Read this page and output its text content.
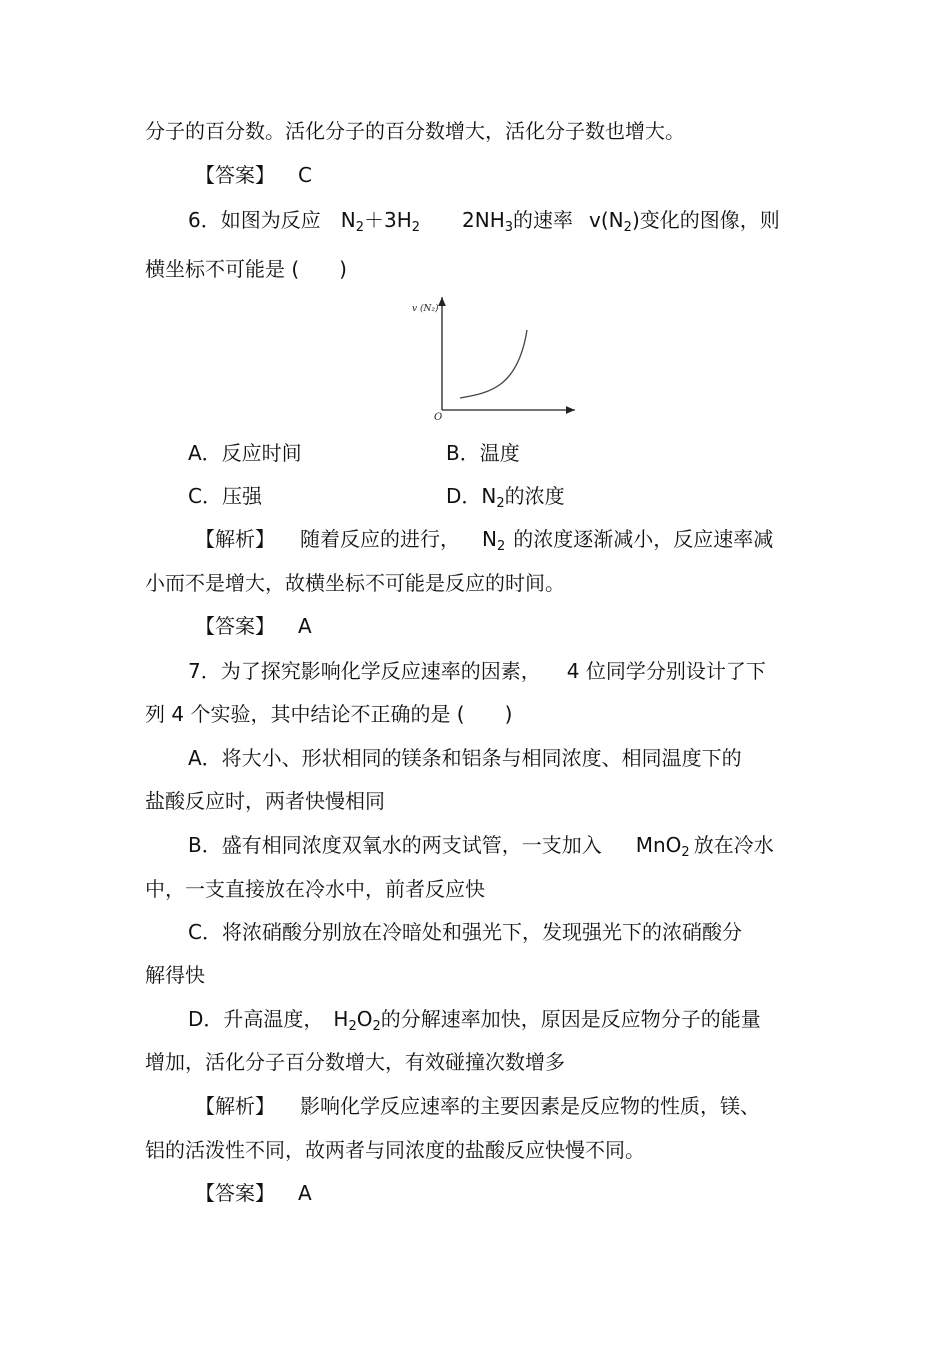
分子的百分数。活化分子的百分数增大，活化分子数也增大。
【答案】 C
6．如图为反应 $N_2+3H_2$ $2NH_3$的速率 $v(N_2)$变化的图像，则
横坐标不可能是 (　　)
v (N₂)
O
A．反应时间	B．温度
C．压强	D．$N_2$的浓度
【解析】 随着反应的进行， $N_2$ 的浓度逐渐减小，反应速率减
小而不是增大，故横坐标不可能是反应的时间。
【答案】 A
7．为了探究影响化学反应速率的因素， 4 位同学分别设计了下
列 4 个实验，其中结论不正确的是 (　　)
A．将大小、形状相同的镁条和铝条与相同浓度、相同温度下的
盐酸反应时，两者快慢相同
B．盛有相同浓度双氧水的两支试管，一支加入 MnO$_2$ 放在冷水
中，一支直接放在冷水中，前者反应快
C．将浓硝酸分别放在冷暗处和强光下，发现强光下的浓硝酸分
解得快
D．升高温度， $H_2O_2$的分解速率加快，原因是反应物分子的能量
增加，活化分子百分数增大，有效碰撞次数增多
【解析】 影响化学反应速率的主要因素是反应物的性质，镁、
铝的活泼性不同，故两者与同浓度的盐酸反应快慢不同。
【答案】 A
